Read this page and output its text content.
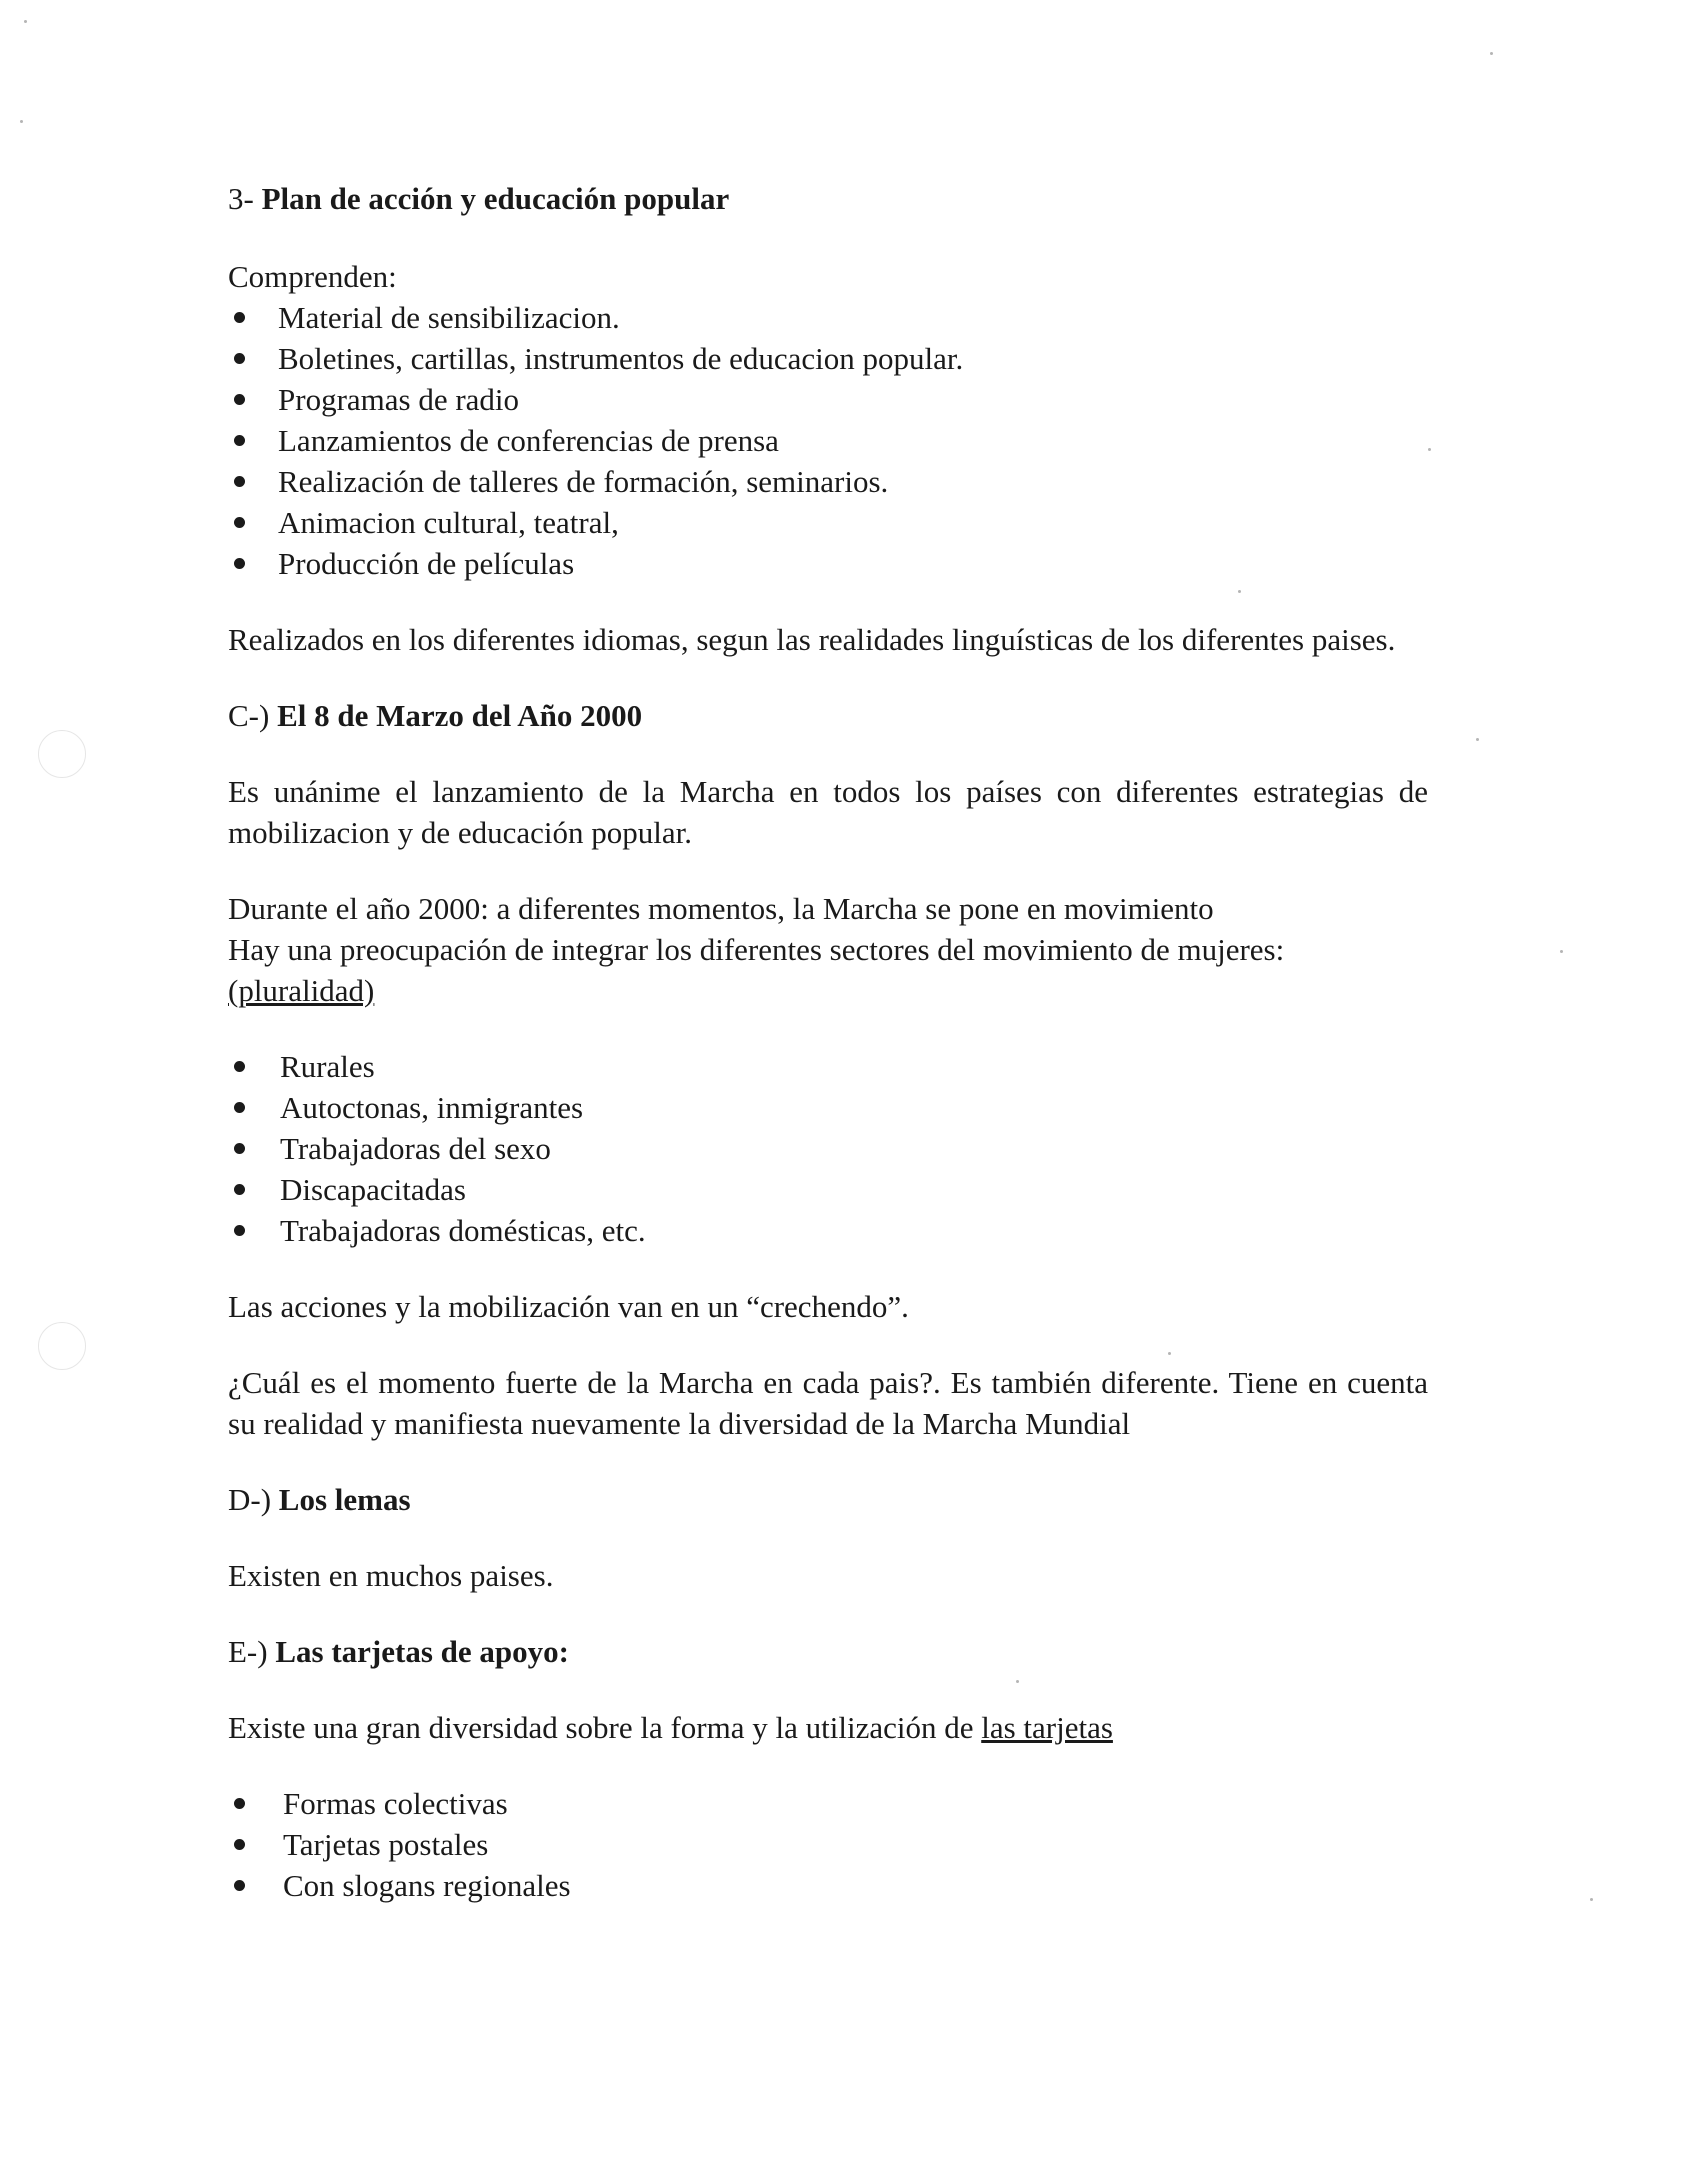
3- Plan de acción y educación popular

Comprenden:

Material de sensibilizacion.
Boletines, cartillas, instrumentos de educacion popular.
Programas de radio
Lanzamientos de conferencias de prensa
Realización de talleres de formación, seminarios.
Animacion cultural, teatral,
Producción de películas

Realizados en los diferentes idiomas, segun las realidades linguísticas de los diferentes paises.

C-) El 8 de Marzo del Año 2000

Es unánime el lanzamiento de la Marcha en todos los países con diferentes estrategias de mobilizacion y de educación popular.

Durante el año 2000: a diferentes momentos, la Marcha se pone en movimiento

Hay una preocupación de integrar los diferentes sectores del movimiento de mujeres:

(pluralidad)

Rurales
Autoctonas, inmigrantes
Trabajadoras del sexo
Discapacitadas
Trabajadoras domésticas, etc.

Las acciones y la mobilización van en un “crechendo”.

¿Cuál es el momento fuerte de la Marcha en cada pais?. Es también diferente. Tiene en cuenta su realidad y manifiesta nuevamente la diversidad de la Marcha Mundial

D-) Los lemas

Existen en muchos paises.

E-) Las tarjetas de apoyo:

Existe una gran diversidad sobre la forma y la utilización de las tarjetas

Formas colectivas
Tarjetas postales
Con slogans regionales
